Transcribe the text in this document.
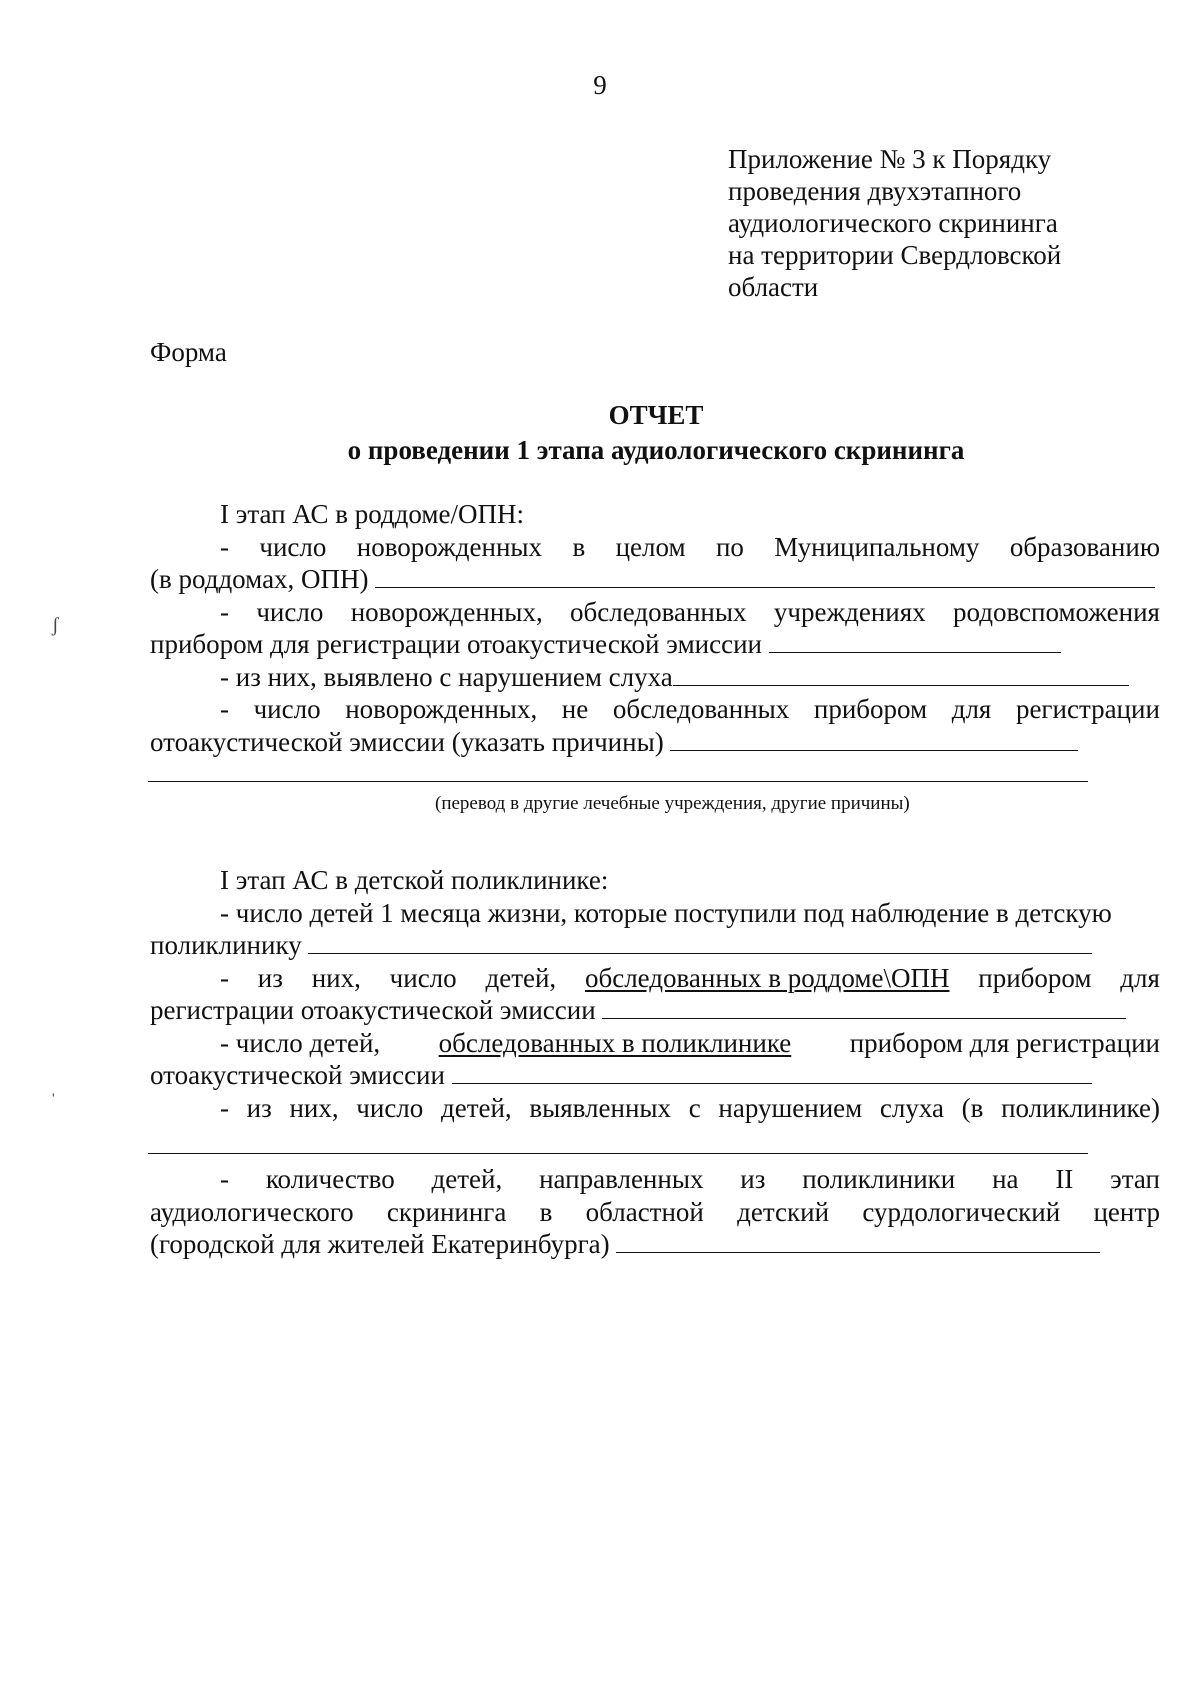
9
Приложение № 3 к Порядку
проведения двухэтапного
аудиологического скрининга
на территории Свердловской
области
Форма
ОТЧЕТ
о проведении 1 этапа аудиологического скрининга
I этап АС в роддоме/ОПН:
- число новорожденных в целом по Муниципальному образованию
(в роддомах, ОПН)
- число новорожденных, обследованных учреждениях родовспоможения
прибором для регистрации отоакустической эмиссии
- из них, выявлено с нарушением слуха
- число новорожденных, не обследованных прибором для регистрации
отоакустической эмиссии (указать причины)
(перевод в другие лечебные учреждения, другие причины)
I этап АС в детской поликлинике:
- число детей 1 месяца жизни, которые поступили под наблюдение в детскую
поликлинику
- из них, число детей, обследованных в роддоме\ОПН прибором для
регистрации отоакустической эмиссии
- число детей, обследованных в поликлинике прибором для регистрации
отоакустической эмиссии
- из них, число детей, выявленных с нарушением слуха (в поликлинике)
- количество детей, направленных из поликлиники на II этап
аудиологического скрининга в областной детский сурдологический центр
(городской для жителей Екатеринбурга)
ʃ
ˌ
